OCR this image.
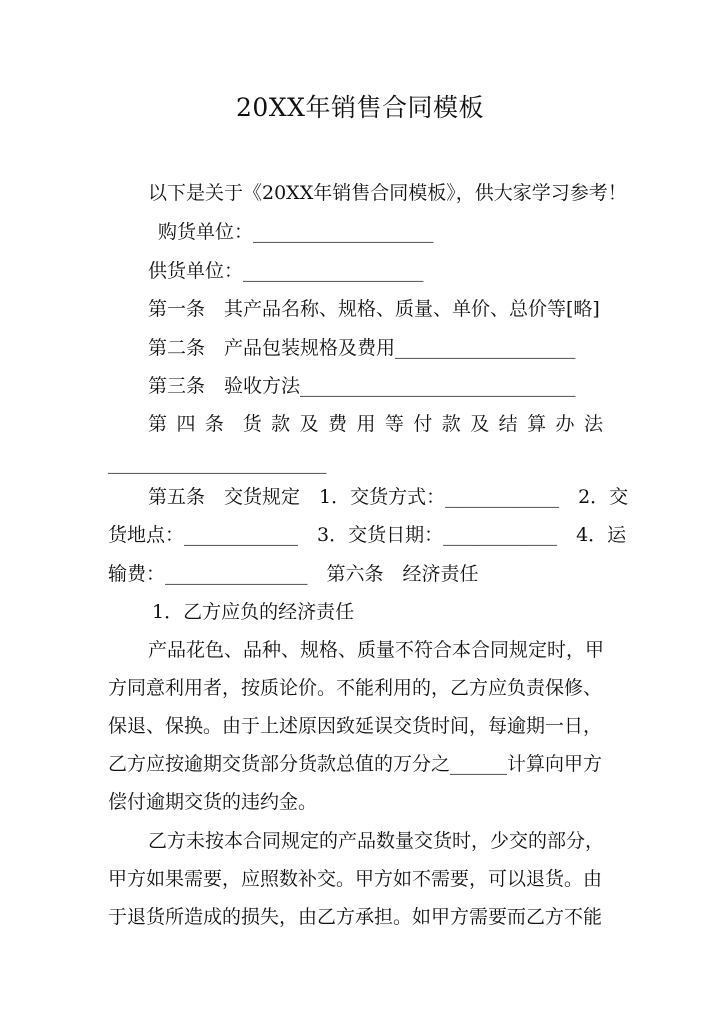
20XX年销售合同模板
以下是关于《20XX年销售合同模板》，供大家学习参考！
购货单位：___________________
供货单位：___________________
第一条　其产品名称、规格、质量、单价、总价等[略]
第二条　产品包装规格及费用___________________
第三条　验收方法_____________________________
第 四 条 货 款 及 费 用 等 付 款 及 结 算 办 法
_______________________
第五条　交货规定　1．交货方式：____________　2．交
货地点：____________　3．交货日期：____________　4．运
输费：_______________　第六条　经济责任
1．乙方应负的经济责任
产品花色、品种、规格、质量不符合本合同规定时，甲
方同意利用者，按质论价。不能利用的，乙方应负责保修、
保退、保换。由于上述原因致延误交货时间，每逾期一日，
乙方应按逾期交货部分货款总值的万分之______计算向甲方
偿付逾期交货的违约金。
乙方未按本合同规定的产品数量交货时，少交的部分，
甲方如果需要，应照数补交。甲方如不需要，可以退货。由
于退货所造成的损失，由乙方承担。如甲方需要而乙方不能
